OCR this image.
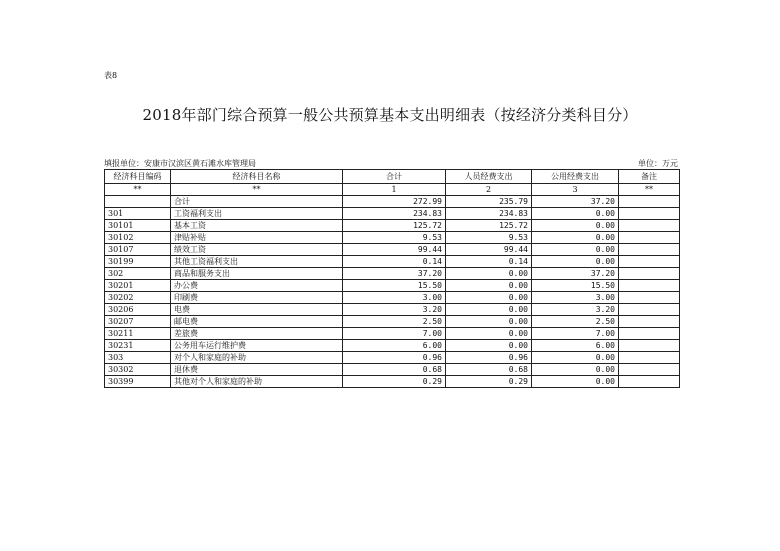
表8
2018年部门综合预算一般公共预算基本支出明细表（按经济分类科目分）
填报单位：安康市汉滨区黄石滩水库管理局	单位：万元
经济科目编码	经济科目名称	合计	人员经费支出	公用经费支出	备注
**	**	1	2	3	**
	合计	272.99	235.79	37.20	
301	工资福利支出	234.83	234.83	0.00	
30101	基本工资	125.72	125.72	0.00	
30102	津贴补贴	9.53	9.53	0.00	
30107	绩效工资	99.44	99.44	0.00	
30199	其他工资福利支出	0.14	0.14	0.00	
302	商品和服务支出	37.20	0.00	37.20	
30201	办公费	15.50	0.00	15.50	
30202	印刷费	3.00	0.00	3.00	
30206	电费	3.20	0.00	3.20	
30207	邮电费	2.50	0.00	2.50	
30211	差旅费	7.00	0.00	7.00	
30231	公务用车运行维护费	6.00	0.00	6.00	
303	对个人和家庭的补助	0.96	0.96	0.00	
30302	退休费	0.68	0.68	0.00	
30399	其他对个人和家庭的补助	0.29	0.29	0.00	
